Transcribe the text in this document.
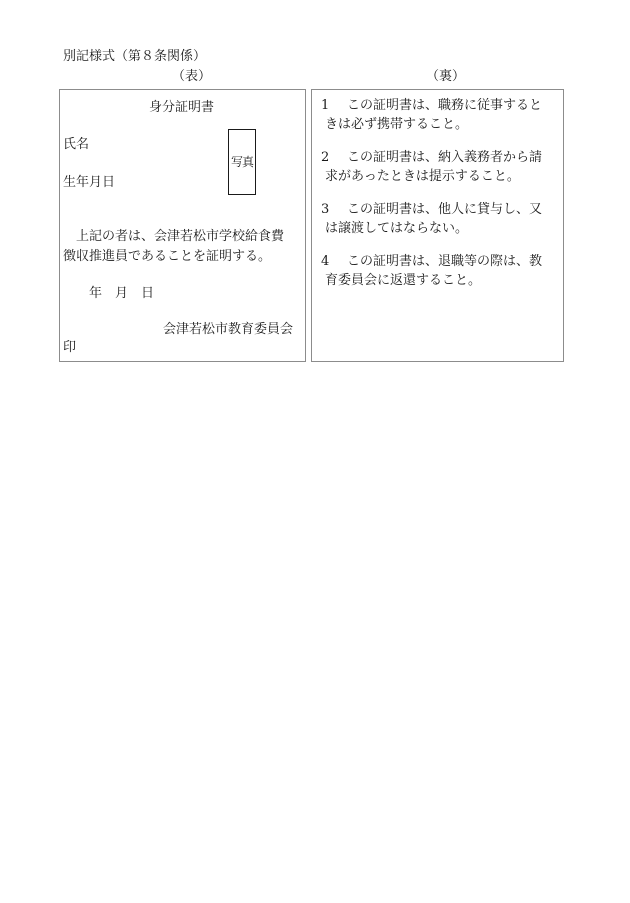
別記様式（第８条関係）
（表）	（裏）
身分証明書
氏名
生年月日
写真
　上記の者は、会津若松市学校給食費
徴収推進員であることを証明する。
　　年　月　日
会津若松市教育委員会
印
1 この証明書は、職務に従事すると
きは必ず携帯すること。
2 この証明書は、納入義務者から請
求があったときは提示すること。
3 この証明書は、他人に貸与し、又
は譲渡してはならない。
4 この証明書は、退職等の際は、教
育委員会に返還すること。
